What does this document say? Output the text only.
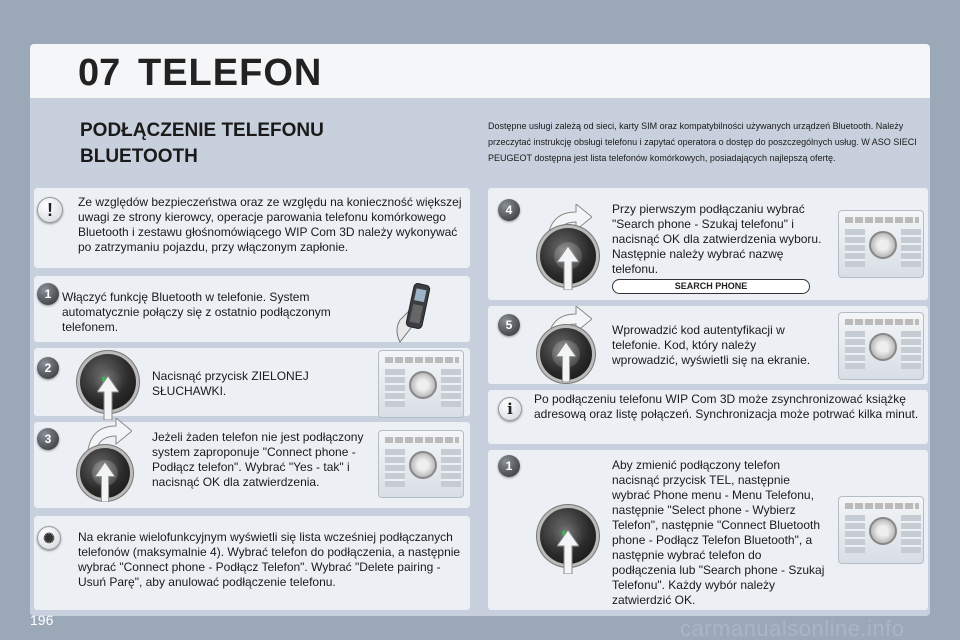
07 TELEFON
PODŁĄCZENIE TELEFONU
BLUETOOTH
Dostępne usługi zależą od sieci, karty SIM oraz kompatybilności używanych urządzeń Bluetooth. Należy przeczytać instrukcję obsługi telefonu i zapytać operatora o dostęp do poszczególnych usług. W ASO SIECI PEUGEOT dostępna jest lista telefonów komórkowych, posiadających najlepszą ofertę.
!	Ze względów bezpieczeństwa oraz ze względu na konieczność większej uwagi ze strony kierowcy, operacje parowania telefonu komórkowego Bluetooth i zestawu głośnomówiącego WIP Com 3D należy wykonywać po zatrzymaniu pojazdu, przy włączonym zapłonie.
1 Włączyć funkcję Bluetooth w telefonie. System automatycznie połączy się z ostatnio podłączonym telefonem.
2
Nacisnąć przycisk ZIELONEJ SŁUCHAWKI.
3	Jeżeli żaden telefon nie jest podłączony system zaproponuje "Connect phone - Podłącz telefon". Wybrać "Yes - tak" i nacisnąć OK dla zatwierdzenia.
✺	Na ekranie wielofunkcyjnym wyświetli się lista wcześniej podłączanych telefonów (maksymalnie 4). Wybrać telefon do podłączenia, a następnie wybrać "Connect phone - Podłącz Telefon". Wybrać "Delete pairing - Usuń Parę", aby anulować podłączenie telefonu.
4	Przy pierwszym podłączaniu wybrać "Search phone - Szukaj telefonu" i nacisnąć OK dla zatwierdzenia wyboru. Następnie należy wybrać nazwę telefonu.
SEARCH PHONE
5	Wprowadzić kod autentyfikacji w telefonie. Kod, który należy wprowadzić, wyświetli się na ekranie.
i
Po podłączeniu telefonu WIP Com 3D może zsynchronizować książkę adresową oraz listę połączeń. Synchronizacja może potrwać kilka minut.
1	Aby zmienić podłączony telefon nacisnąć przycisk TEL, następnie wybrać Phone menu - Menu Telefonu, następnie "Select phone - Wybierz Telefon", następnie "Connect Bluetooth phone - Podłącz Telefon Bluetooth", a następnie wybrać telefon do podłączenia lub "Search phone - Szukaj Telefonu". Każdy wybór należy zatwierdzić OK.
196	carmanualsonline.info
